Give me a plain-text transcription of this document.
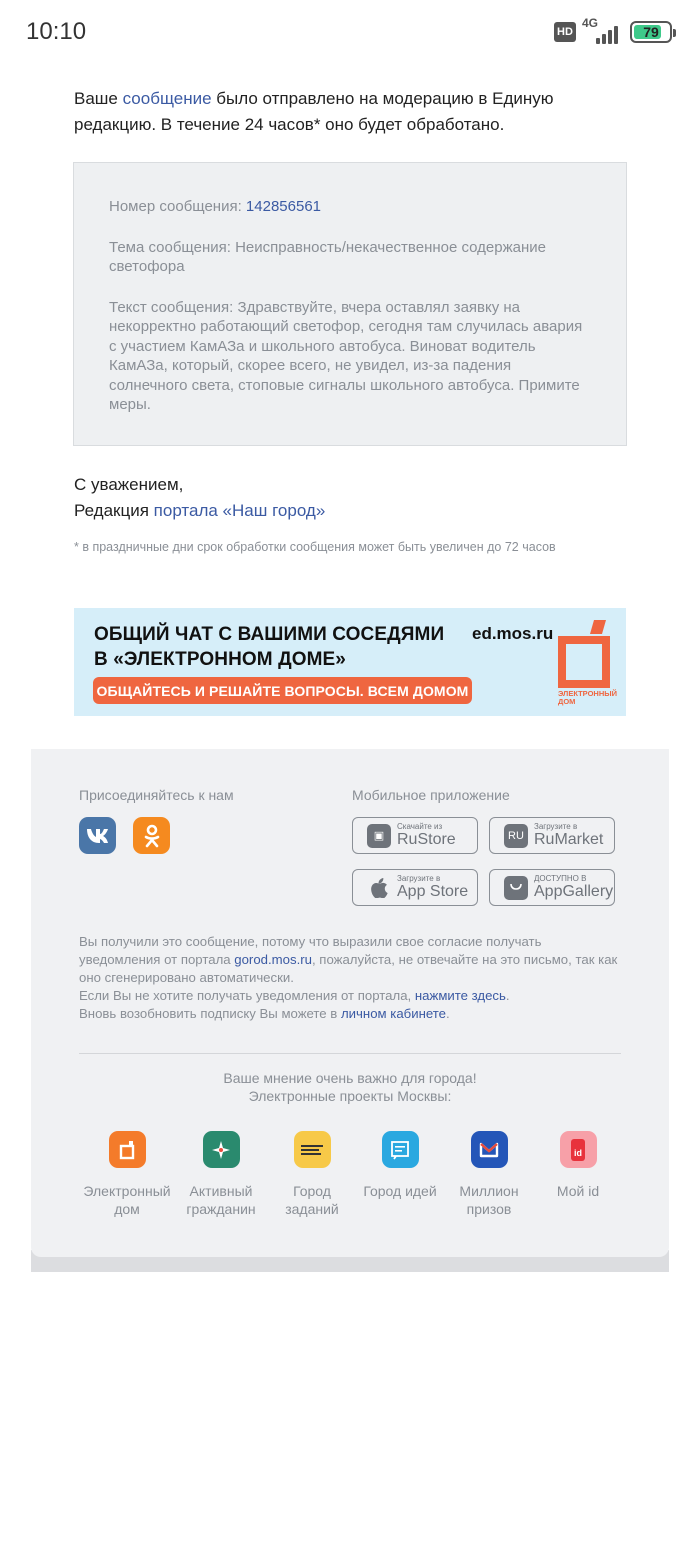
10:10	HD
4G
79
Ваше сообщение было отправлено на модерацию в Единую редакцию. В течение 24 часов* оно будет обработано.

Номер сообщения: 142856561

Тема сообщения: Неисправность/некачественное содержание светофора

Текст сообщения: Здравствуйте, вчера оставлял заявку на некорректно работающий светофор, сегодня там случилась авария с участием КамАЗа и школьного автобуса. Виноват водитель КамАЗа, который, скорее всего, не увидел, из-за падения солнечного света, стоповые сигналы школьного автобуса. Примите меры.

С уважением,
Редакция портала «Наш город»
* в праздничные дни срок обработки сообщения может быть увеличен до 72 часов
ОБЩИЙ ЧАТ С ВАШИМИ СОСЕДЯМИ
В «ЭЛЕКТРОННОМ ДОМЕ»
ed.mos.ru
ОБЩАЙТЕСЬ И РЕШАЙТЕ ВОПРОСЫ. ВСЕМ ДОМОМ	ЭЛЕКТРОННЫЙ
ДОМ
Присоединяйтесь к нам	Мобильное приложение
▣
Скачайте из
RuStore	RU
Загрузите в
RuMarket
Загрузите в
App Store
ДОСТУПНО В
AppGallery
Вы получили это сообщение, потому что выразили свое согласие получать уведомления от портала gorod.mos.ru, пожалуйста, не отвечайте на это письмо, так как оно сгенерировано автоматически.
Если Вы не хотите получать уведомления от портала, нажмите здесь.
Вновь возобновить подписку Вы можете в личном кабинете.
Ваше мнение очень важно для города!
Электронные проекты Москвы:
Электронный
дом
Активный
гражданин
Город
заданий
Город идей	Миллион
призов
id
Мой id
